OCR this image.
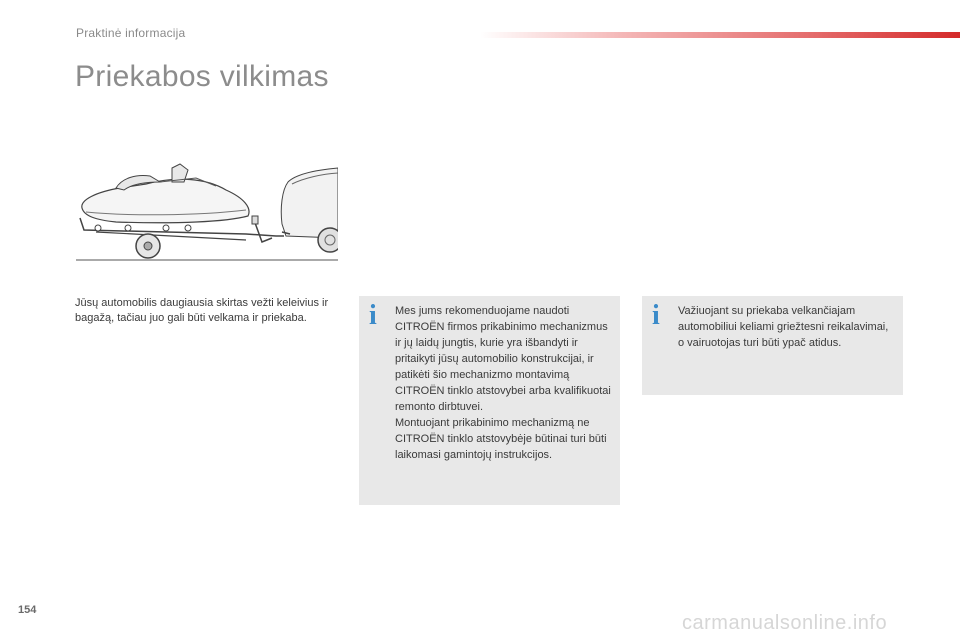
Praktinė informacija
Priekabos vilkimas

Jūsų automobilis daugiausia skirtas vežti keleivius ir bagažą, tačiau juo gali būti velkama ir priekaba.	i Mes jums rekomenduojame naudoti CITROËN firmos prikabinimo mechanizmus ir jų laidų jungtis, kurie yra išbandyti ir pritaikyti jūsų automobilio konstrukcijai, ir patikėti šio mechanizmo montavimą CITROËN tinklo atstovybei arba kvalifikuotai remonto dirbtuvei.
Montuojant prikabinimo mechanizmą ne CITROËN tinklo atstovybėje būtinai turi būti laikomasi gamintojų instrukcijos.

i Važiuojant su priekaba velkančiajam automobiliui keliami griežtesni reikalavimai, o vairuotojas turi būti ypač atidus.

154
carmanualsonline.info
